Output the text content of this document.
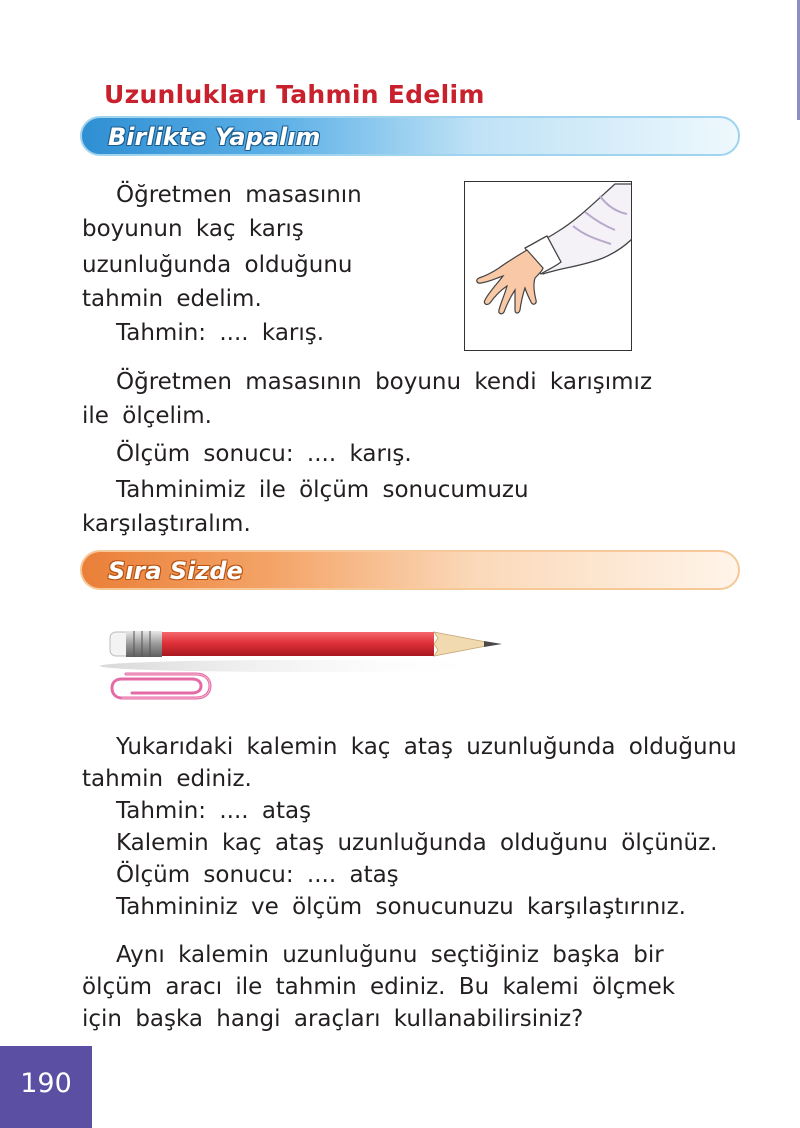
Uzunlukları Tahmin Edelim
Birlikte Yapalım
Öğretmen masasının
boyunun kaç karış
uzunluğunda olduğunu
tahmin edelim.
Tahmin: .... karış.
Öğretmen masasının boyunu kendi karışımız
ile ölçelim.
Ölçüm sonucu: .... karış.
Tahminimiz ile ölçüm sonucumuzu
karşılaştıralım.
Sıra Sizde
Yukarıdaki kalemin kaç ataş uzunluğunda olduğunu
tahmin ediniz.
Tahmin: .... ataş
Kalemin kaç ataş uzunluğunda olduğunu ölçünüz.
Ölçüm sonucu: .... ataş
Tahmininiz ve ölçüm sonucunuzu karşılaştırınız.
Aynı kalemin uzunluğunu seçtiğiniz başka bir
ölçüm aracı ile tahmin ediniz. Bu kalemi ölçmek
için başka hangi araçları kullanabilirsiniz?
190
